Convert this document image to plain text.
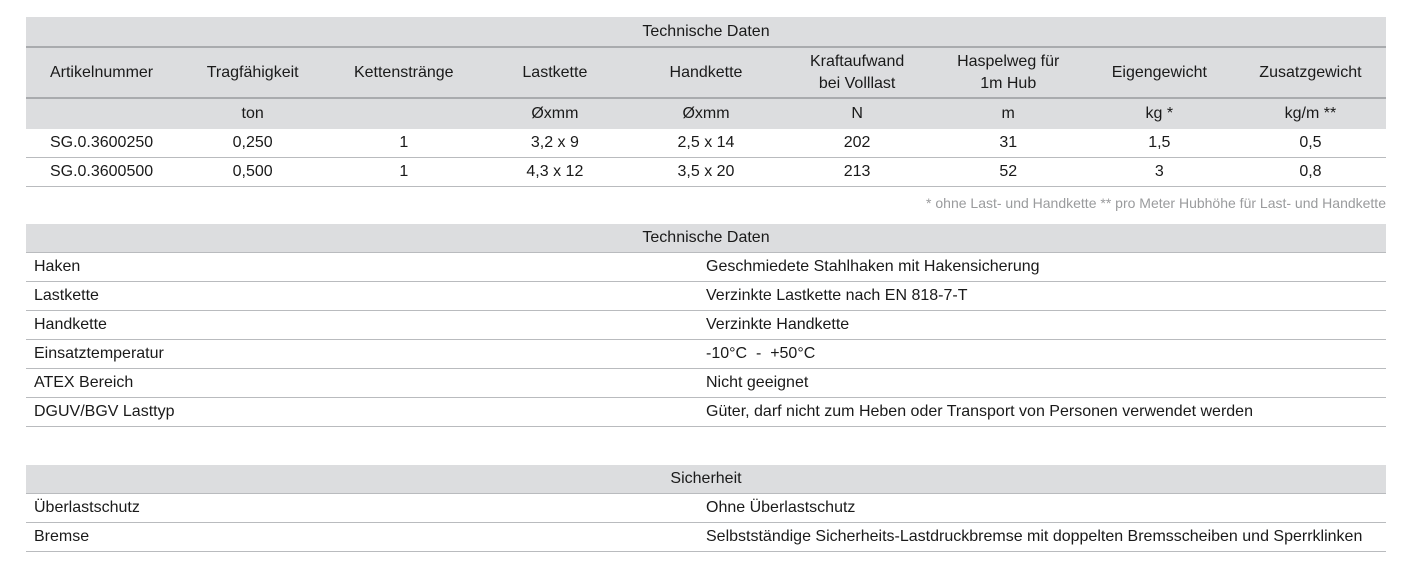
Technische Daten								
Artikelnummer	Tragfähigkeit	Kettenstränge	Lastkette	Handkette	Kraftaufwand bei Volllast	Haspelweg für 1m Hub	Eigengewicht	Zusatzgewicht
	ton		Øxmm	Øxmm	N	m	kg *	kg/m **
SG.0.3600250	0,250	1	3,2 x 9	2,5 x 14	202	31	1,5	0,5
SG.0.3600500	0,500	1	4,3 x 12	3,5 x 20	213	52	3	0,8
* ohne Last- und Handkette ** pro Meter Hubhöhe für Last- und Handkette
Technische Daten	
Haken	Geschmiedete Stahlhaken mit Hakensicherung
Lastkette	Verzinkte Lastkette nach EN 818-7-T
Handkette	Verzinkte Handkette
Einsatztemperatur	-10°C  -  +50°C
ATEX Bereich	Nicht geeignet
DGUV/BGV Lasttyp	Güter, darf nicht zum Heben oder Transport von Personen verwendet werden
Sicherheit	
Überlastschutz	Ohne Überlastschutz
Bremse	Selbstständige Sicherheits-Lastdruckbremse mit doppelten Bremsscheiben und Sperrklinken
